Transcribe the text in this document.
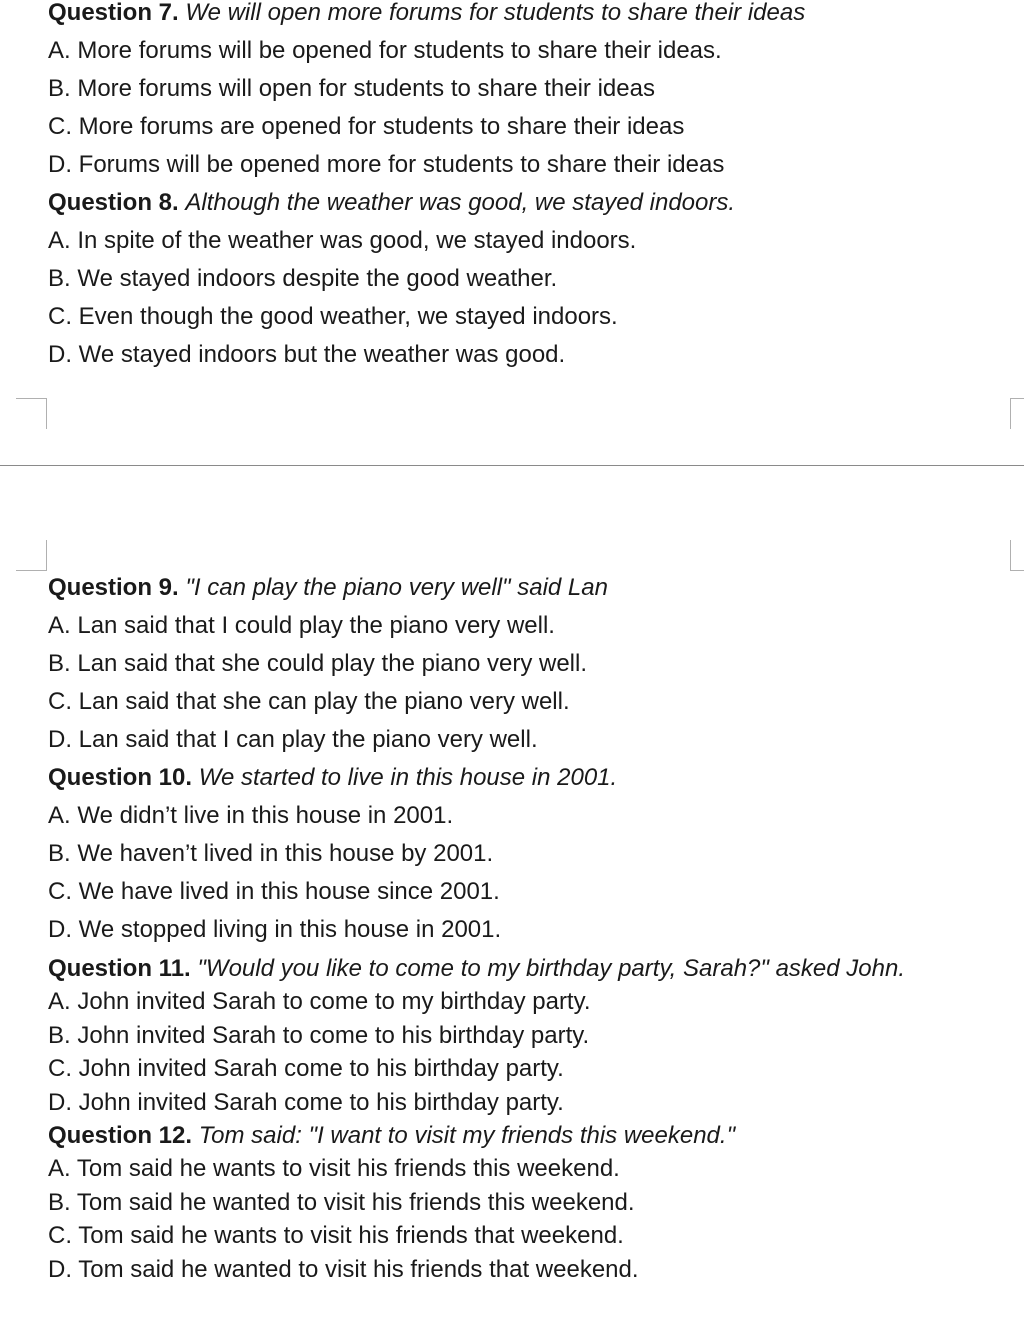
Question 7. We will open more forums for students to share their ideas
A. More forums will be opened for students to share their ideas.
B. More forums will open for students to share their ideas
C. More forums are opened for students to share their ideas
D. Forums will be opened more for students to share their ideas
Question 8. Although the weather was good, we stayed indoors.
A. In spite of the weather was good, we stayed indoors.
B. We stayed indoors despite the good weather.
C. Even though the good weather, we stayed indoors.
D. We stayed indoors but the weather was good.
Question 9. "I can play the piano very well" said Lan
A. Lan said that I could play the piano very well.
B. Lan said that she could play the piano very well.
C. Lan said that she can play the piano very well.
D. Lan said that I can play the piano very well.
Question 10. We started to live in this house in 2001.
A. We didn’t live in this house in 2001.
B. We haven’t lived in this house by 2001.
C. We have lived in this house since 2001.
D. We stopped living in this house in 2001.
Question 11. "Would you like to come to my birthday party, Sarah?" asked John.
A. John invited Sarah to come to my birthday party.
B. John invited Sarah to come to his birthday party.
C. John invited Sarah come to his birthday party.
D. John invited Sarah come to his birthday party.
Question 12. Tom said: "I want to visit my friends this weekend."
A. Tom said he wants to visit his friends this weekend.
B. Tom said he wanted to visit his friends this weekend.
C. Tom said he wants to visit his friends that weekend.
D. Tom said he wanted to visit his friends that weekend.
